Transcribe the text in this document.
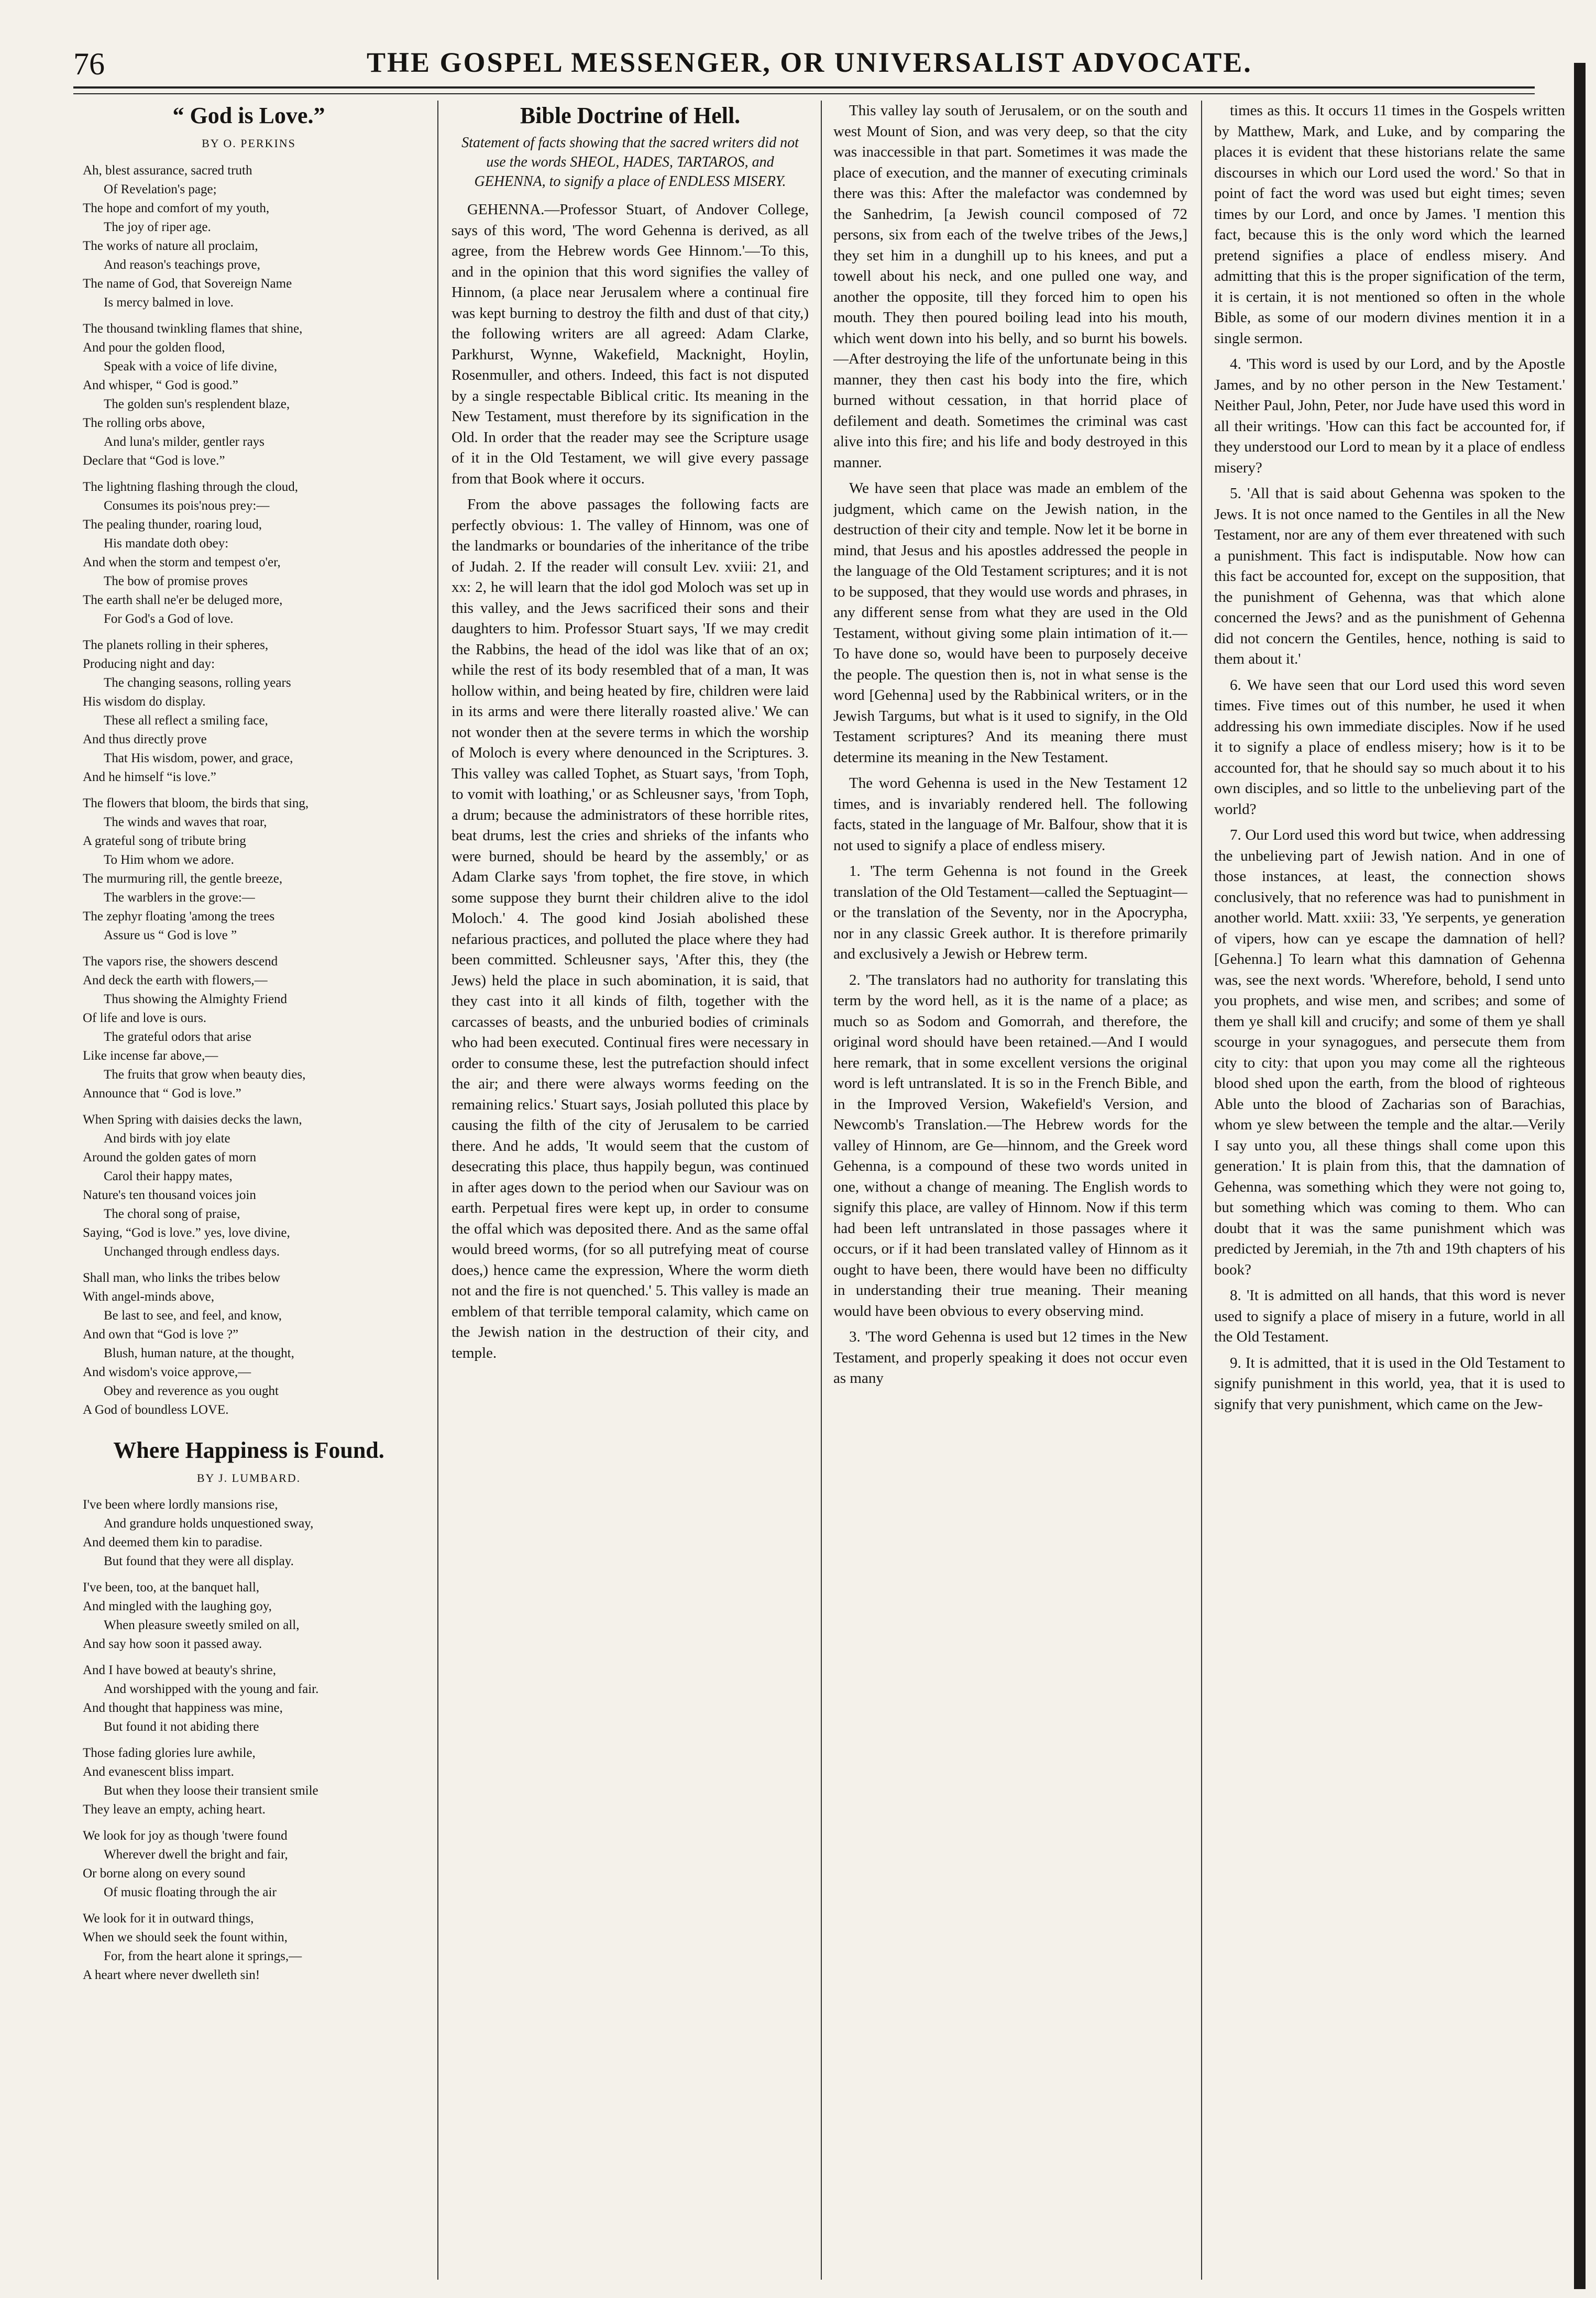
76	THE GOSPEL MESSENGER, OR UNIVERSALIST ADVOCATE.
“ God is Love.”
BY O. PERKINS
Ah, blest assurance, sacred truth
Of Revelation's page;
The hope and comfort of my youth,
The joy of riper age.
The works of nature all proclaim,
And reason's teachings prove,
The name of God, that Sovereign Name
Is mercy balmed in love.

The thousand twinkling flames that shine,
And pour the golden flood,
Speak with a voice of life divine,
And whisper, “ God is good.”
The golden sun's resplendent blaze,
The rolling orbs above,
And luna's milder, gentler rays
Declare that “God is love.”

The lightning flashing through the cloud,
Consumes its pois'nous prey:—
The pealing thunder, roaring loud,
His mandate doth obey:
And when the storm and tempest o'er,
The bow of promise proves
The earth shall ne'er be deluged more,
For God's a God of love.

The planets rolling in their spheres,
Producing night and day:
The changing seasons, rolling years
His wisdom do display.
These all reflect a smiling face,
And thus directly prove
That His wisdom, power, and grace,
And he himself “is love.”

The flowers that bloom, the birds that sing,
The winds and waves that roar,
A grateful song of tribute bring
To Him whom we adore.
The murmuring rill, the gentle breeze,
The warblers in the grove:—
The zephyr floating 'among the trees
Assure us “ God is love ”

The vapors rise, the showers descend
And deck the earth with flowers,—
Thus showing the Almighty Friend
Of life and love is ours.
The grateful odors that arise
Like incense far above,—
The fruits that grow when beauty dies,
Announce that “ God is love.”

When Spring with daisies decks the lawn,
And birds with joy elate
Around the golden gates of morn
Carol their happy mates,
Nature's ten thousand voices join
The choral song of praise,
Saying, “God is love.” yes, love divine,
Unchanged through endless days.

Shall man, who links the tribes below
With angel-minds above,
Be last to see, and feel, and know,
And own that “God is love ?”
Blush, human nature, at the thought,
And wisdom's voice approve,—
Obey and reverence as you ought
A God of boundless LOVE.
Where Happiness is Found.
BY J. LUMBARD.
I've been where lordly mansions rise,
And grandure holds unquestioned sway,
And deemed them kin to paradise.
But found that they were all display.

I've been, too, at the banquet hall,
And mingled with the laughing goy,
When pleasure sweetly smiled on all,
And say how soon it passed away.

And I have bowed at beauty's shrine,
And worshipped with the young and fair.
And thought that happiness was mine,
But found it not abiding there

Those fading glories lure awhile,
And evanescent bliss impart.
But when they loose their transient smile
They leave an empty, aching heart.

We look for joy as though 'twere found
Wherever dwell the bright and fair,
Or borne along on every sound
Of music floating through the air

We look for it in outward things,
When we should seek the fount within,
For, from the heart alone it springs,—
A heart where never dwelleth sin!
Bible Doctrine of Hell.
Statement of facts showing that the sacred writers did not use the words SHEOL, HADES, TARTAROS, and GEHENNA, to signify a place of ENDLESS MISERY.

GEHENNA.—Professor Stuart, of Andover College, says of this word, 'The word Gehenna is derived, as all agree, from the Hebrew words Gee Hinnom.'—To this, and in the opinion that this word signifies the valley of Hinnom, (a place near Jerusalem where a continual fire was kept burning to destroy the filth and dust of that city,) the following writers are all agreed: Adam Clarke, Parkhurst, Wynne, Wakefield, Macknight, Hoylin, Rosenmuller, and others. Indeed, this fact is not disputed by a single respectable Biblical critic. Its meaning in the New Testament, must therefore by its signification in the Old. In order that the reader may see the Scripture usage of it in the Old Testament, we will give every passage from that Book where it occurs.

From the above passages the following facts are perfectly obvious: 1. The valley of Hinnom, was one of the landmarks or boundaries of the inheritance of the tribe of Judah. 2. If the reader will consult Lev. xviii: 21, and xx: 2, he will learn that the idol god Moloch was set up in this valley, and the Jews sacrificed their sons and their daughters to him. Professor Stuart says, 'If we may credit the Rabbins, the head of the idol was like that of an ox; while the rest of its body resembled that of a man, It was hollow within, and being heated by fire, children were laid in its arms and were there literally roasted alive.' We can not wonder then at the severe terms in which the worship of Moloch is every where denounced in the Scriptures. 3. This valley was called Tophet, as Stuart says, 'from Toph, to vomit with loathing,' or as Schleusner says, 'from Toph, a drum; because the administrators of these horrible rites, beat drums, lest the cries and shrieks of the infants who were burned, should be heard by the assembly,' or as Adam Clarke says 'from tophet, the fire stove, in which some suppose they burnt their children alive to the idol Moloch.' 4. The good kind Josiah abolished these nefarious practices, and polluted the place where they had been committed. Schleusner says, 'After this, they (the Jews) held the place in such abomination, it is said, that they cast into it all kinds of filth, together with the carcasses of beasts, and the unburied bodies of criminals who had been executed. Continual fires were necessary in order to consume these, lest the putrefaction should infect the air; and there were always worms feeding on the remaining relics.' Stuart says, Josiah polluted this place by causing the filth of the city of Jerusalem to be carried there. And he adds, 'It would seem that the custom of desecrating this place, thus happily begun, was continued in after ages down to the period when our Saviour was on earth. Perpetual fires were kept up, in order to consume the offal which was deposited there. And as the same offal would breed worms, (for so all putrefying meat of course does,) hence came the expression, Where the worm dieth not and the fire is not quenched.' 5. This valley is made an emblem of that terrible temporal calamity, which came on the Jewish nation in the destruction of their city, and temple.

This valley lay south of Jerusalem, or on the south and west Mount of Sion, and was very deep, so that the city was inaccessible in that part. Sometimes it was made the place of execution, and the manner of executing criminals there was this: After the malefactor was condemned by the Sanhedrim, [a Jewish council composed of 72 persons, six from each of the twelve tribes of the Jews,] they set him in a dunghill up to his knees, and put a towell about his neck, and one pulled one way, and another the opposite, till they forced him to open his mouth. They then poured boiling lead into his mouth, which went down into his belly, and so burnt his bowels.—After destroying the life of the unfortunate being in this manner, they then cast his body into the fire, which burned without cessation, in that horrid place of defilement and death. Sometimes the criminal was cast alive into this fire; and his life and body destroyed in this manner.

We have seen that place was made an emblem of the judgment, which came on the Jewish nation, in the destruction of their city and temple. Now let it be borne in mind, that Jesus and his apostles addressed the people in the language of the Old Testament scriptures; and it is not to be supposed, that they would use words and phrases, in any different sense from what they are used in the Old Testament, without giving some plain intimation of it.—To have done so, would have been to purposely deceive the people. The question then is, not in what sense is the word [Gehenna] used by the Rabbinical writers, or in the Jewish Targums, but what is it used to signify, in the Old Testament scriptures? And its meaning there must determine its meaning in the New Testament.

The word Gehenna is used in the New Testament 12 times, and is invariably rendered hell. The following facts, stated in the language of Mr. Balfour, show that it is not used to signify a place of endless misery.

1. 'The term Gehenna is not found in the Greek translation of the Old Testament—called the Septuagint—or the translation of the Seventy, nor in the Apocrypha, nor in any classic Greek author. It is therefore primarily and exclusively a Jewish or Hebrew term.

2. 'The translators had no authority for translating this term by the word hell, as it is the name of a place; as much so as Sodom and Gomorrah, and therefore, the original word should have been retained.—And I would here remark, that in some excellent versions the original word is left untranslated. It is so in the French Bible, and in the Improved Version, Wakefield's Version, and Newcomb's Translation.—The Hebrew words for the valley of Hinnom, are Ge—hinnom, and the Greek word Gehenna, is a compound of these two words united in one, without a change of meaning. The English words to signify this place, are valley of Hinnom. Now if this term had been left untranslated in those passages where it occurs, or if it had been translated valley of Hinnom as it ought to have been, there would have been no difficulty in understanding their true meaning. Their meaning would have been obvious to every observing mind.

3. 'The word Gehenna is used but 12 times in the New Testament, and properly speaking it does not occur even as many

times as this. It occurs 11 times in the Gospels written by Matthew, Mark, and Luke, and by comparing the places it is evident that these historians relate the same discourses in which our Lord used the word.' So that in point of fact the word was used but eight times; seven times by our Lord, and once by James. 'I mention this fact, because this is the only word which the learned pretend signifies a place of endless misery. And admitting that this is the proper signification of the term, it is certain, it is not mentioned so often in the whole Bible, as some of our modern divines mention it in a single sermon.

4. 'This word is used by our Lord, and by the Apostle James, and by no other person in the New Testament.' Neither Paul, John, Peter, nor Jude have used this word in all their writings. 'How can this fact be accounted for, if they understood our Lord to mean by it a place of endless misery?

5. 'All that is said about Gehenna was spoken to the Jews. It is not once named to the Gentiles in all the New Testament, nor are any of them ever threatened with such a punishment. This fact is indisputable. Now how can this fact be accounted for, except on the supposition, that the punishment of Gehenna, was that which alone concerned the Jews? and as the punishment of Gehenna did not concern the Gentiles, hence, nothing is said to them about it.'

6. We have seen that our Lord used this word seven times. Five times out of this number, he used it when addressing his own immediate disciples. Now if he used it to signify a place of endless misery; how is it to be accounted for, that he should say so much about it to his own disciples, and so little to the unbelieving part of the world?

7. Our Lord used this word but twice, when addressing the unbelieving part of Jewish nation. And in one of those instances, at least, the connection shows conclusively, that no reference was had to punishment in another world. Matt. xxiii: 33, 'Ye serpents, ye generation of vipers, how can ye escape the damnation of hell? [Gehenna.] To learn what this damnation of Gehenna was, see the next words. 'Wherefore, behold, I send unto you prophets, and wise men, and scribes; and some of them ye shall kill and crucify; and some of them ye shall scourge in your synagogues, and persecute them from city to city: that upon you may come all the righteous blood shed upon the earth, from the blood of righteous Able unto the blood of Zacharias son of Barachias, whom ye slew between the temple and the altar.—Verily I say unto you, all these things shall come upon this generation.' It is plain from this, that the damnation of Gehenna, was something which they were not going to, but something which was coming to them. Who can doubt that it was the same punishment which was predicted by Jeremiah, in the 7th and 19th chapters of his book?

8. 'It is admitted on all hands, that this word is never used to signify a place of misery in a future, world in all the Old Testament.

9. It is admitted, that it is used in the Old Testament to signify punishment in this world, yea, that it is used to signify that very punishment, which came on the Jew-
